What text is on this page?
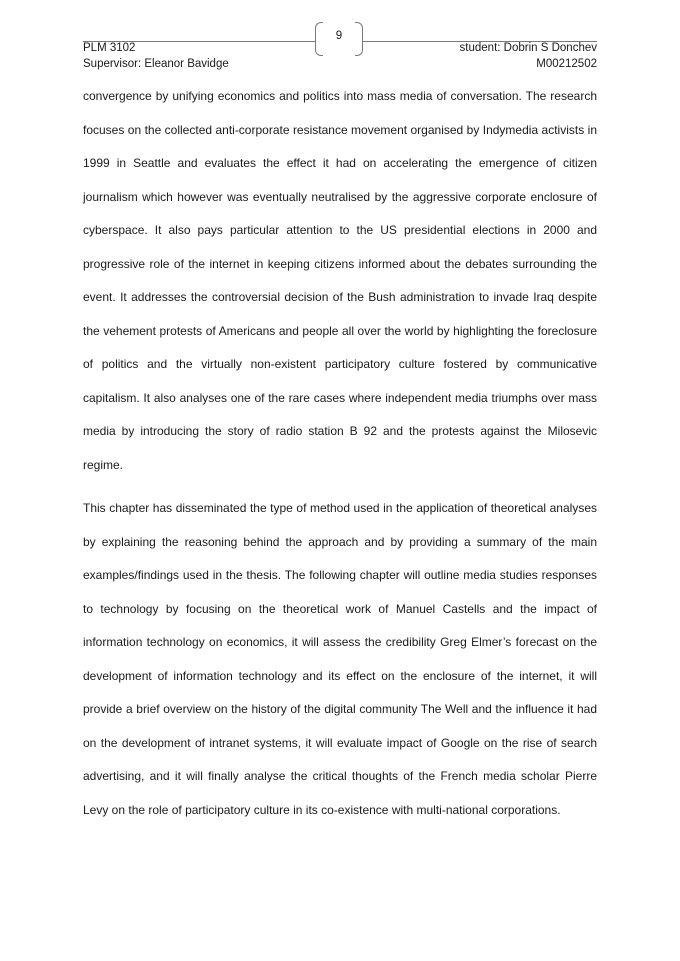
9
PLM 3102
Supervisor: Eleanor Bavidge
student: Dobrin S Donchev
M00212502

convergence by unifying economics and politics into mass media of conversation. The research focuses on the collected anti-corporate resistance movement organised by Indymedia activists in 1999 in Seattle and evaluates the effect it had on accelerating the emergence of citizen journalism which however was eventually neutralised by the aggressive corporate enclosure of cyberspace. It also pays particular attention to the US presidential elections in 2000 and progressive role of the internet in keeping citizens informed about the debates surrounding the event. It addresses the controversial decision of the Bush administration to invade Iraq despite the vehement protests of Americans and people all over the world by highlighting the foreclosure of politics and the virtually non-existent participatory culture fostered by communicative capitalism. It also analyses one of the rare cases where independent media triumphs over mass media by introducing the story of radio station B 92 and the protests against the Milosevic regime.

This chapter has disseminated the type of method used in the application of theoretical analyses by explaining the reasoning behind the approach and by providing a summary of the main examples/findings used in the thesis. The following chapter will outline media studies responses to technology by focusing on the theoretical work of Manuel Castells and the impact of information technology on economics, it will assess the credibility Greg Elmer’s forecast on the development of information technology and its effect on the enclosure of the internet, it will provide a brief overview on the history of the digital community The Well and the influence it had on the development of intranet systems, it will evaluate impact of Google on the rise of search advertising, and it will finally analyse the critical thoughts of the French media scholar Pierre Levy on the role of participatory culture in its co-existence with multi-national corporations.
